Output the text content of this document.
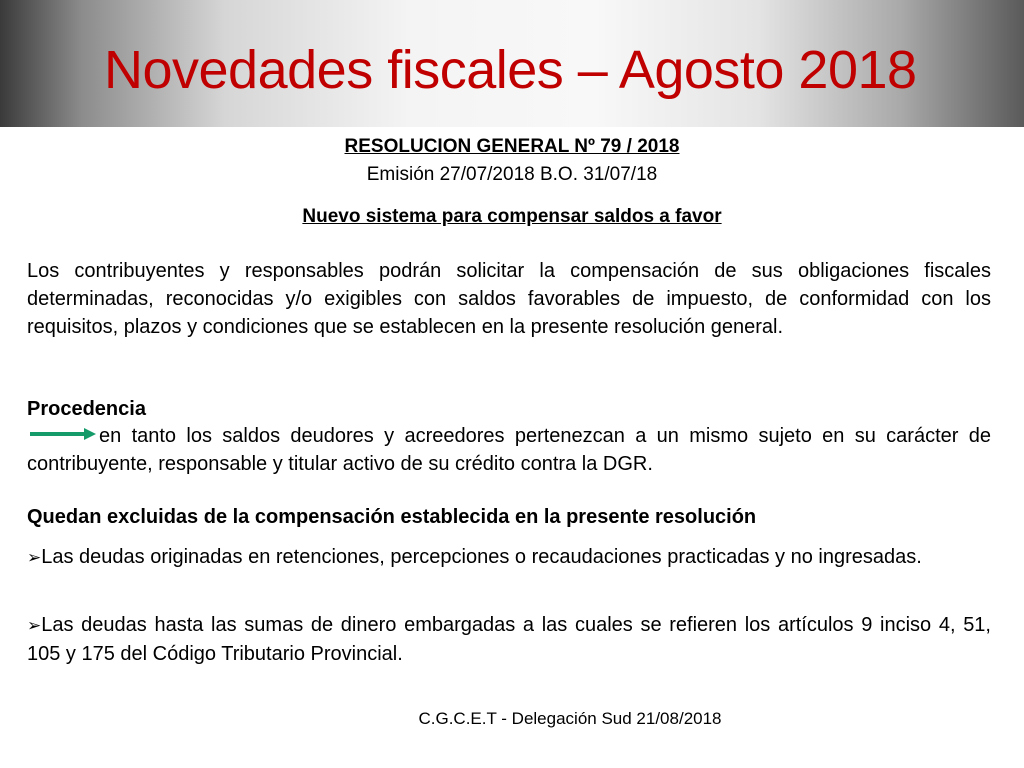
Novedades fiscales – Agosto 2018
RESOLUCION GENERAL Nº 79 / 2018
Emisión 27/07/2018 B.O. 31/07/18
Nuevo sistema para compensar saldos a favor
Los contribuyentes y responsables podrán solicitar la compensación de sus obligaciones fiscales determinadas, reconocidas y/o exigibles con saldos favorables de impuesto, de conformidad con los requisitos, plazos y condiciones que se establecen en la presente resolución general.
Procedencia
en tanto los saldos deudores y acreedores pertenezcan a un mismo sujeto en su carácter de contribuyente, responsable y titular activo de su crédito contra la DGR.
Quedan excluidas de la compensación establecida en la presente resolución
➢Las deudas originadas en retenciones, percepciones o recaudaciones practicadas y no ingresadas.
➢Las deudas hasta las sumas de dinero embargadas a las cuales se refieren los artículos 9 inciso 4, 51, 105 y 175 del Código Tributario Provincial.
C.G.C.E.T - Delegación Sud 21/08/2018
